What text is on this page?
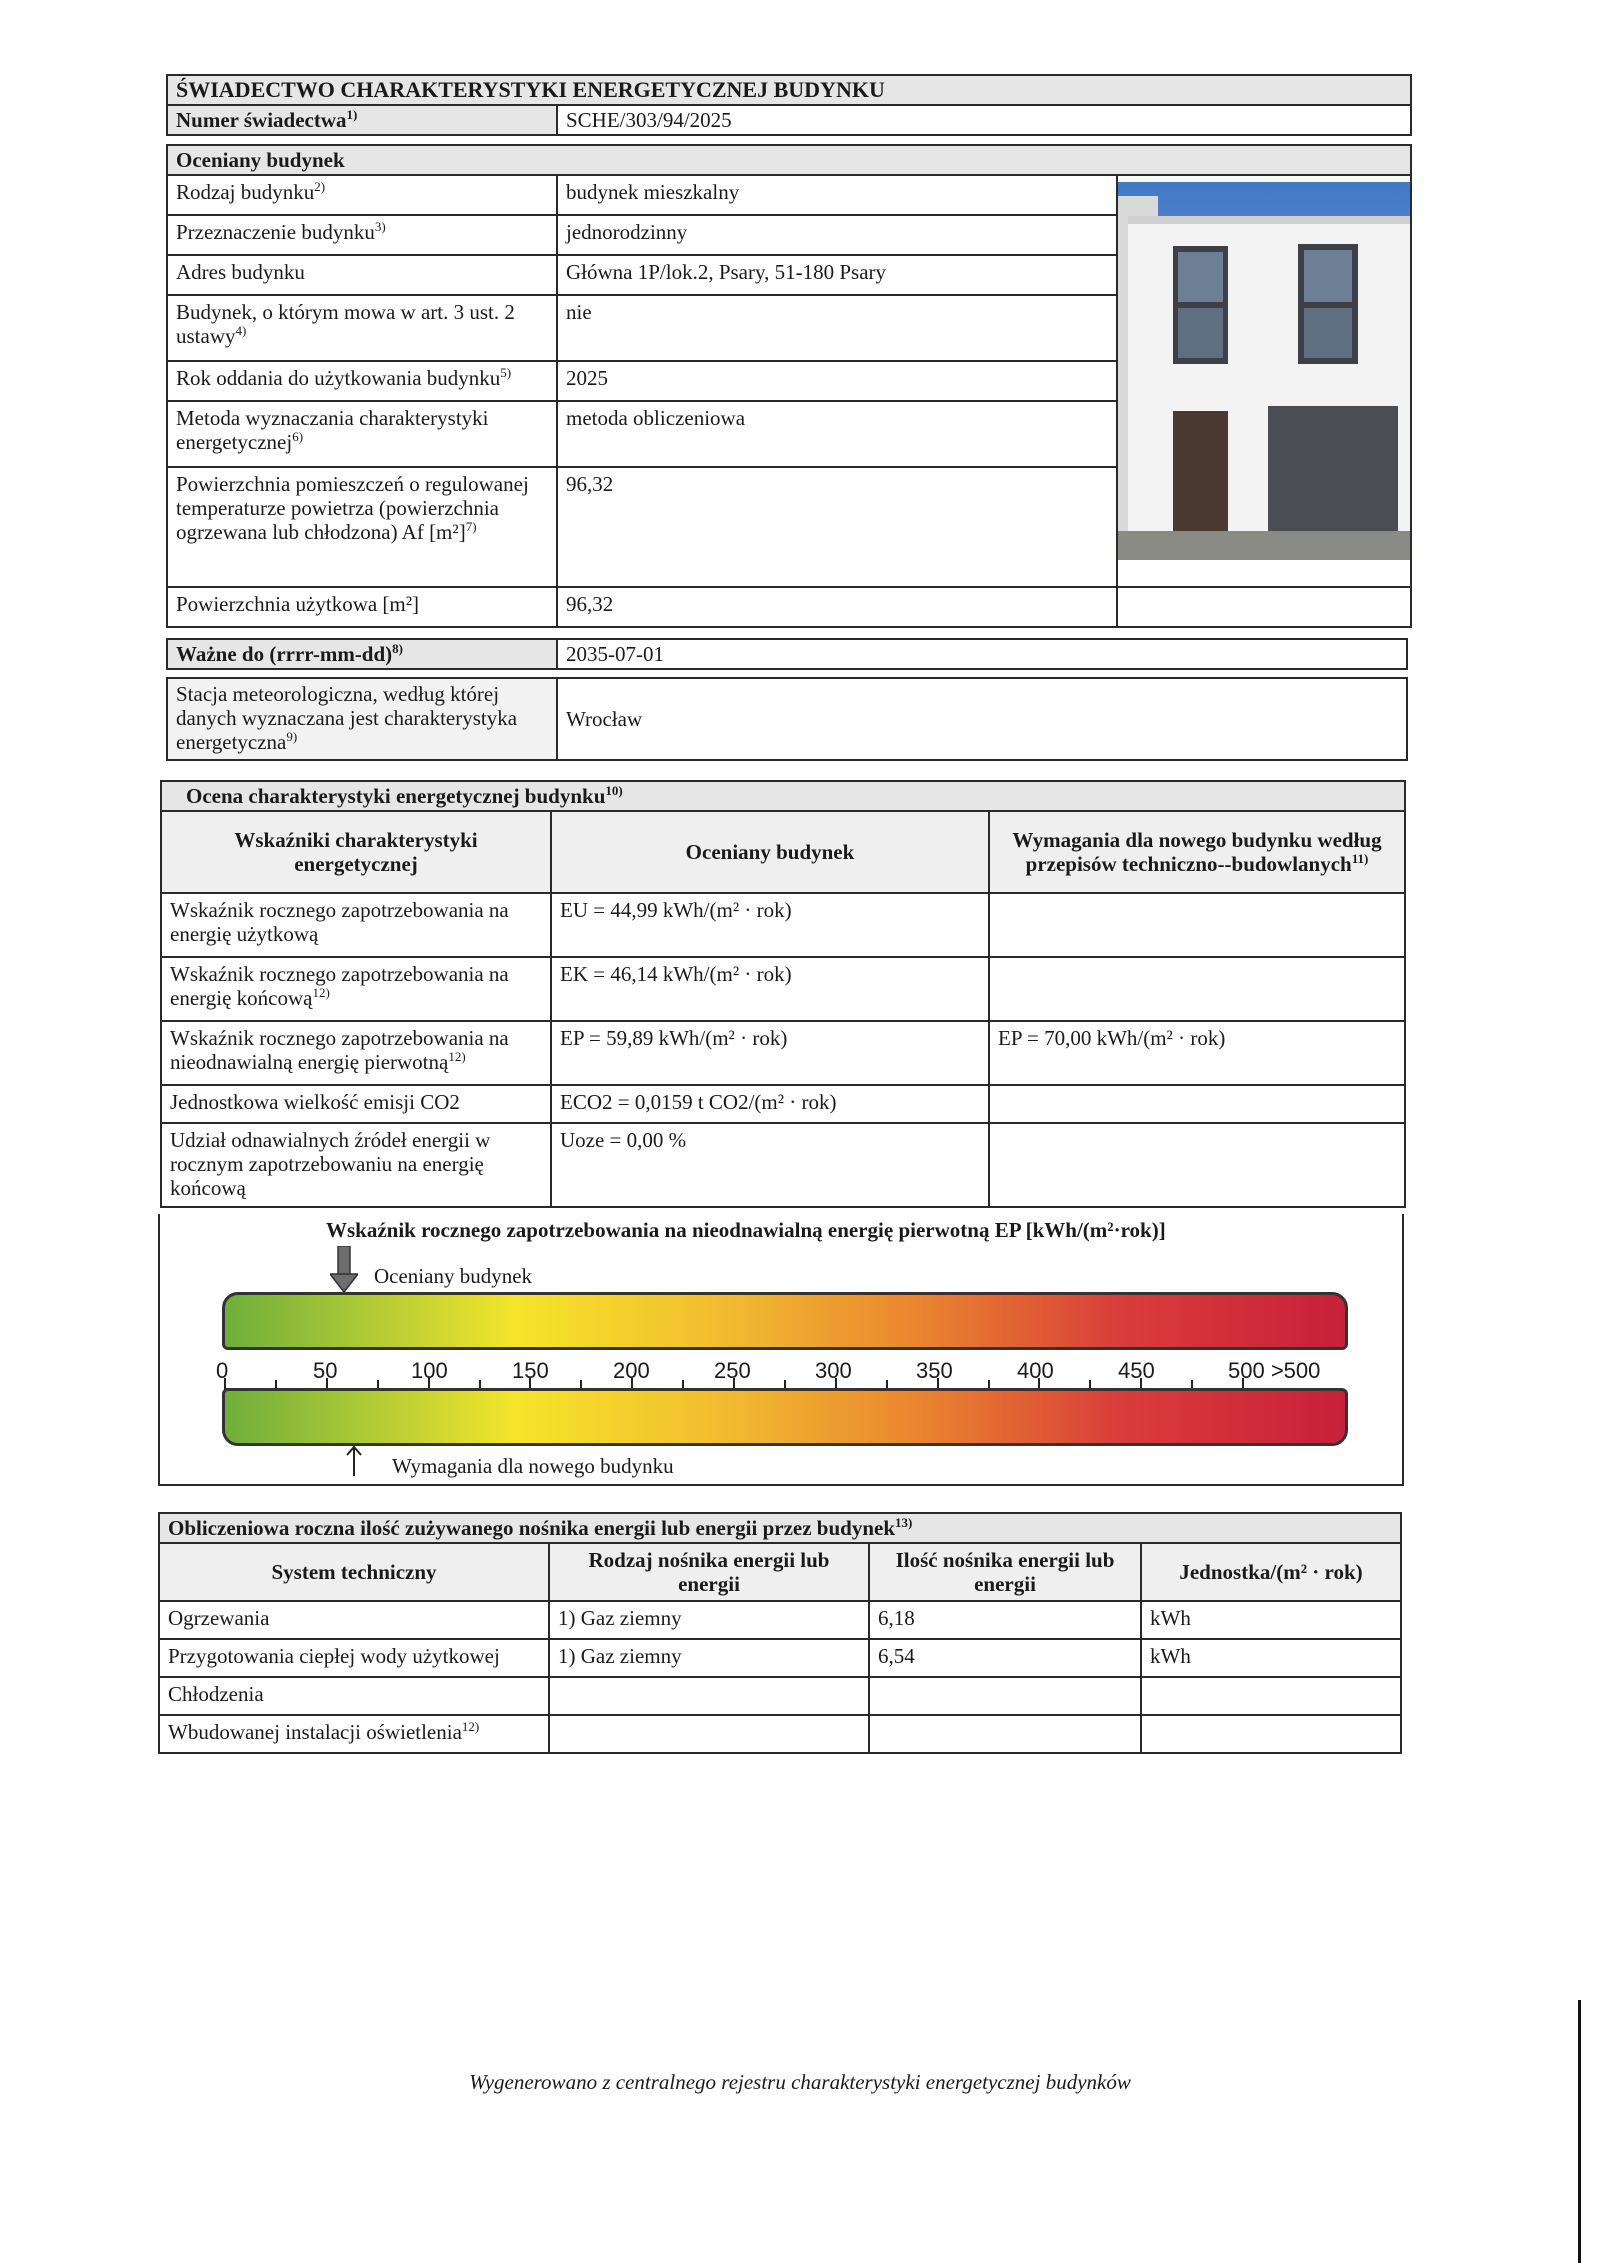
ŚWIADECTWO CHARAKTERYSTYKI ENERGETYCZNEJ BUDYNKU
Numer świadectwa$^{1)}$	SCHE/303/94/2025
Oceniany budynek		
Rodzaj budynku$^{2)}$	budynek mieszkalny	
Przeznaczenie budynku$^{3)}$	jednorodzinny	
Adres budynku	Główna 1P/lok.2, Psary, 51-180 Psary	
Budynek, o którym mowa w art. 3 ust. 2 ustawy$^{4)}$	nie	
Rok oddania do użytkowania budynku$^{5)}$	2025	
Metoda wyznaczania charakterystyki energetycznej$^{6)}$	metoda obliczeniowa	
Powierzchnia pomieszczeń o regulowanej temperaturze powietrza (powierzchnia ogrzewana lub chłodzona) Af $[m^2]^{7)}$	96,32	
Powierzchnia użytkowa [m²]	96,32	
Ważne do (rrrr-mm-dd)$^{8)}$	2035-07-01
Stacja meteorologiczna, według której danych wyznaczana jest charakterystyka energetyczna$^{9)}$	Wrocław
Ocena charakterystyki energetycznej budynku$^{10)}$
Wskaźniki charakterystyki energetycznej	Oceniany budynek	Wymagania dla nowego budynku według przepisów techniczno--budowlanych$^{11)}$
Wskaźnik rocznego zapotrzebowania na energię użytkową	EU = 44,99 kWh/(m² · rok)	
Wskaźnik rocznego zapotrzebowania na energię końcową$^{12)}$	EK = 46,14 kWh/(m² · rok)	
Wskaźnik rocznego zapotrzebowania na nieodnawialną energię pierwotną$^{12)}$	EP = 59,89 kWh/(m² · rok)	EP = 70,00 kWh/(m² · rok)
Jednostkowa wielkość emisji CO2	ECO2 = 0,0159 t CO2/(m² · rok)	
Udział odnawialnych źródeł energii w rocznym zapotrzebowaniu na energię końcową	Uoze = 0,00 %	
Wskaźnik rocznego zapotrzebowania na nieodnawialną energię pierwotną EP [kWh/(m²·rok)]
Oceniany budynek
0	50	100	150	200	250	300	350	400	450	500 >500
Wymagania dla nowego budynku
Obliczeniowa roczna ilość zużywanego nośnika energii lub energii przez budynek$^{13)}$
System techniczny	Rodzaj nośnika energii lub energii	Ilość nośnika energii lub energii	Jednostka/(m² · rok)
Ogrzewania	1) Gaz ziemny	6,18	kWh
Przygotowania ciepłej wody użytkowej	1) Gaz ziemny	6,54	kWh
Chłodzenia			
Wbudowanej instalacji oświetlenia$^{12)}$			
Wygenerowano z centralnego rejestru charakterystyki energetycznej budynków
